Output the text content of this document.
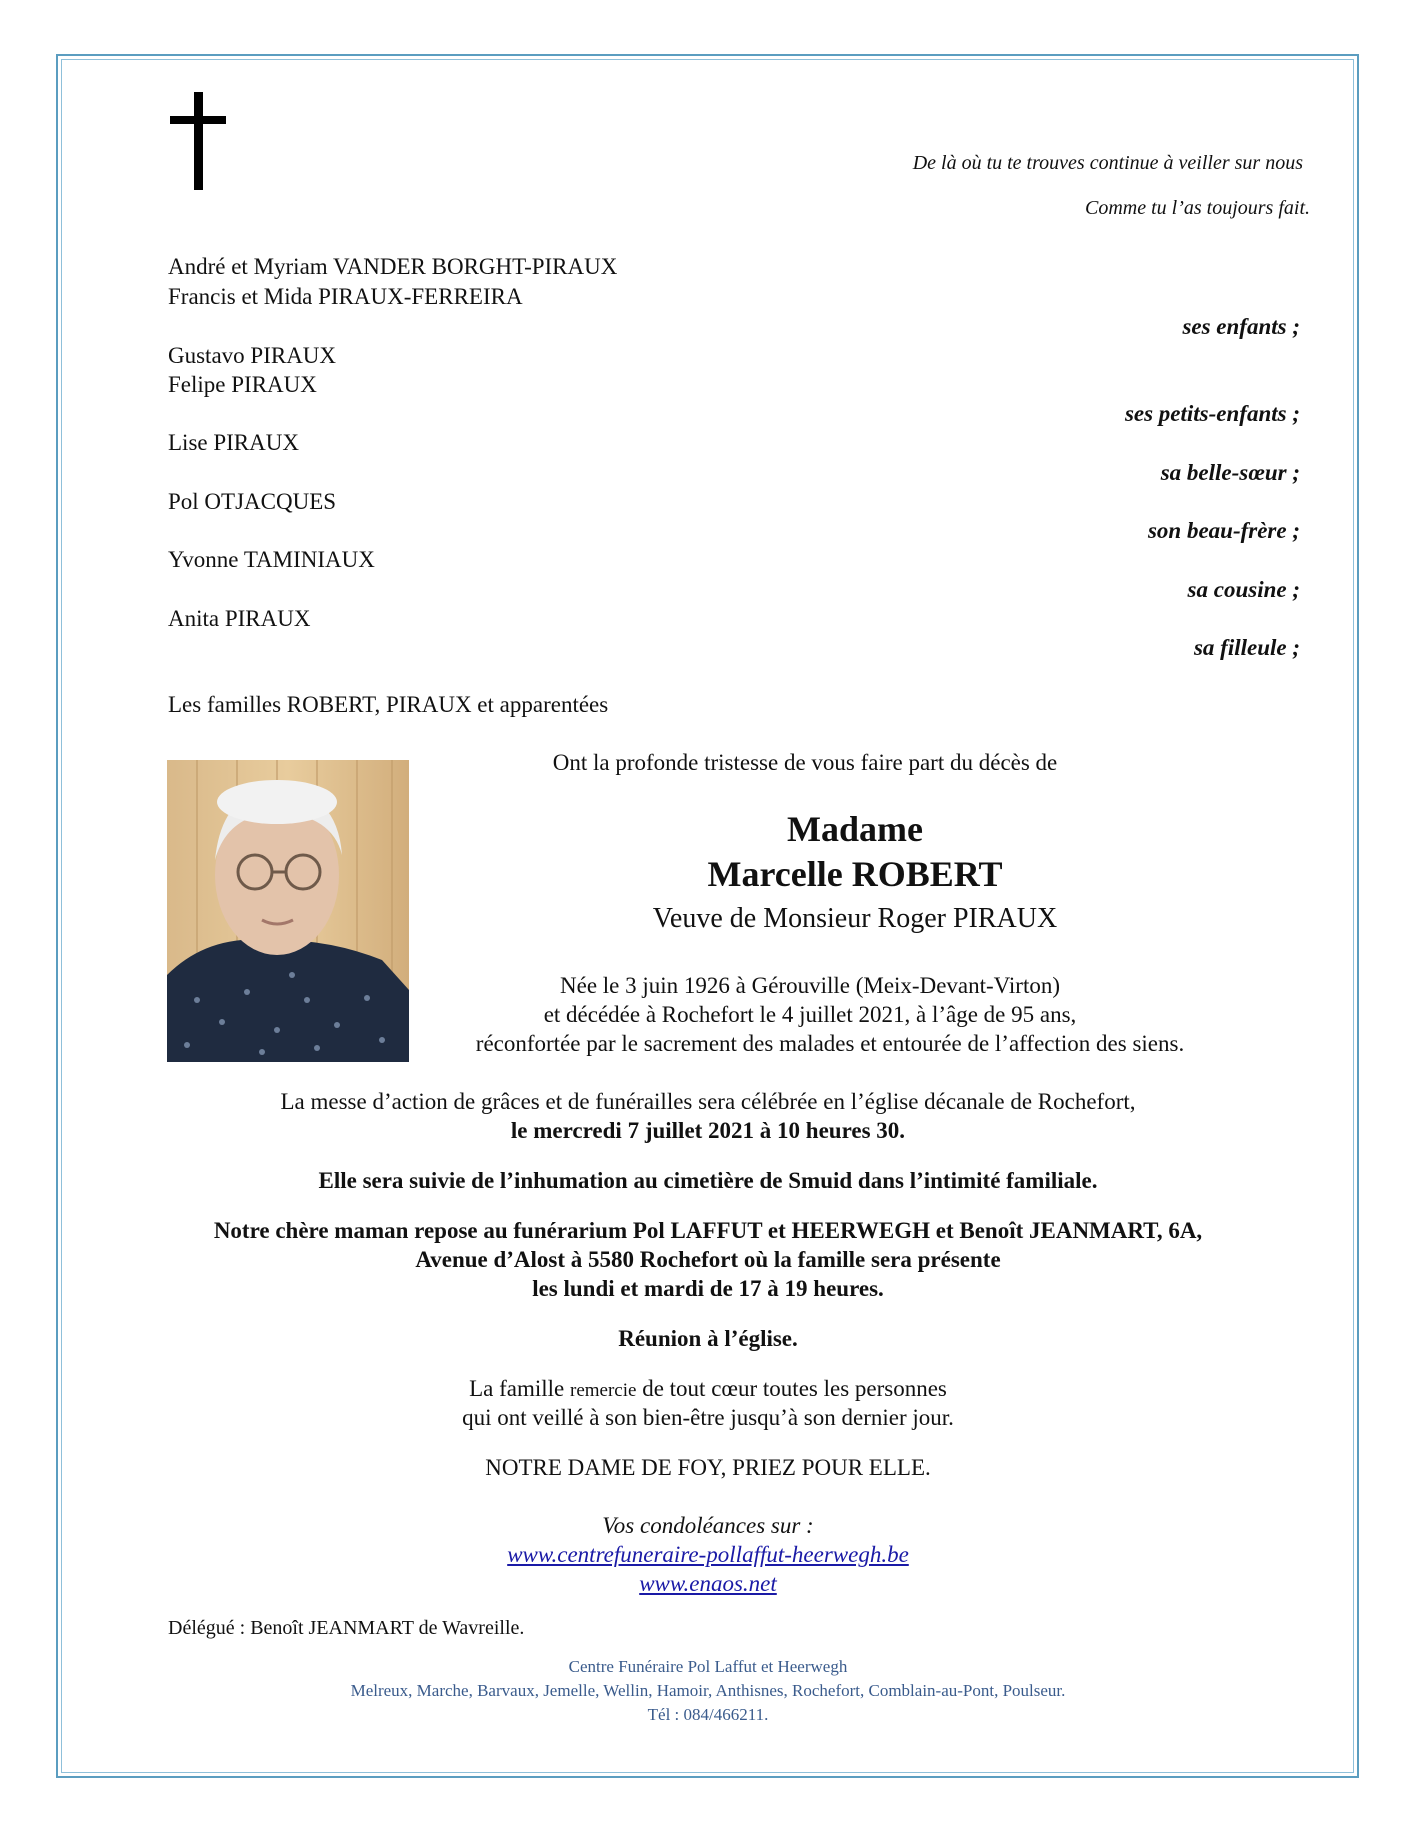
De là où tu te trouves continue à veiller sur nous
Comme tu l’as toujours fait.
André et Myriam VANDER BORGHT-PIRAUX
Francis et Mida PIRAUX-FERREIRA
ses enfants ;
Gustavo PIRAUX
Felipe PIRAUX
ses petits-enfants ;
Lise PIRAUX
sa belle-sœur ;
Pol OTJACQUES
son beau-frère ;
Yvonne TAMINIAUX
sa cousine ;
Anita PIRAUX
sa filleule ;
Les familles ROBERT, PIRAUX et apparentées
Ont la profonde tristesse de vous faire part du décès de
Madame
Marcelle ROBERT
Veuve de Monsieur Roger PIRAUX
Née le 3 juin 1926 à Gérouville (Meix-Devant-Virton)
et décédée à Rochefort le 4 juillet 2021, à l’âge de 95 ans,
réconfortée par le sacrement des malades et entourée de l’affection des siens.
La messe d’action de grâces et de funérailles sera célébrée en l’église décanale de Rochefort,
le mercredi 7 juillet 2021 à 10 heures 30.
Elle sera suivie de l’inhumation au cimetière de Smuid dans l’intimité familiale.
Notre chère maman repose au funérarium Pol LAFFUT et HEERWEGH et Benoît JEANMART, 6A,
Avenue d’Alost à 5580 Rochefort où la famille sera présente
les lundi et mardi de 17 à 19 heures.
Réunion à l’église.
La famille remercie de tout cœur toutes les personnes
qui ont veillé à son bien-être jusqu’à son dernier jour.
NOTRE DAME DE FOY, PRIEZ POUR ELLE.
Vos condoléances sur :
www.centrefuneraire-pollaffut-heerwegh.be
www.enaos.net
Délégué : Benoît JEANMART de Wavreille.
Centre Funéraire Pol Laffut et Heerwegh
Melreux, Marche, Barvaux, Jemelle, Wellin, Hamoir, Anthisnes, Rochefort, Comblain-au-Pont, Poulseur.
Tél : 084/466211.
